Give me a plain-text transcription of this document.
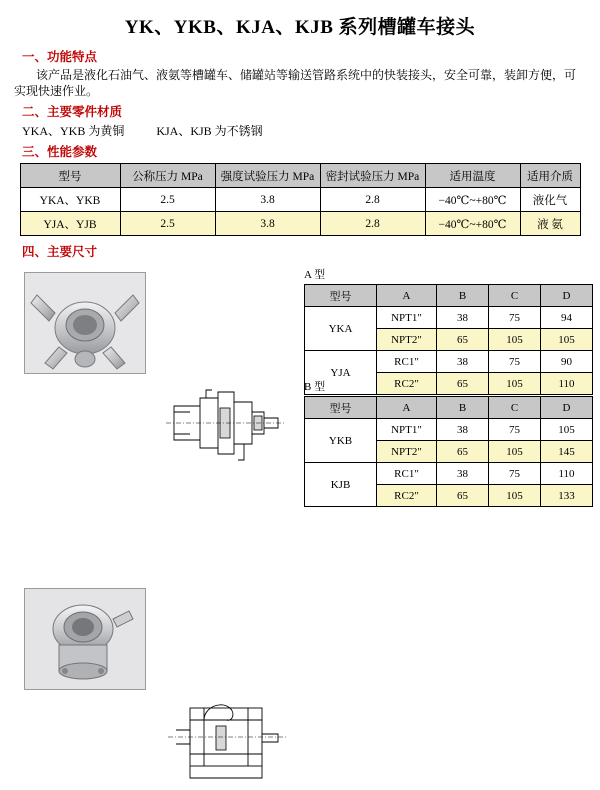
YK、YKB、KJA、KJB 系列槽罐车接头
一、功能特点
该产品是液化石油气、液氨等槽罐车、储罐站等输送管路系统中的快装接头，安全可靠，装卸方便，可实现快速作业。
二、主要零件材质
YKA、YKB 为黄铜	KJA、KJB 为不锈钢
三、性能参数
型号	公称压力 MPa	强度试验压力 MPa	密封试验压力 MPa	适用温度	适用介质
YKA、YKB	2.5	3.8	2.8	−40℃~+80℃	液化气
YJA、YJB	2.5	3.8	2.8	−40℃~+80℃	液 氨
四、主要尺寸
A 型
型号	A	B	C	D
YKA	NPT1"	38	75	94
	NPT2"	65	105	105
YJA	RC1"	38	75	90
	RC2"	65	105	110
B 型
型号	A	B	C	D
YKB	NPT1"	38	75	105
	NPT2"	65	105	145
KJB	RC1"	38	75	110
	RC2"	65	105	133
